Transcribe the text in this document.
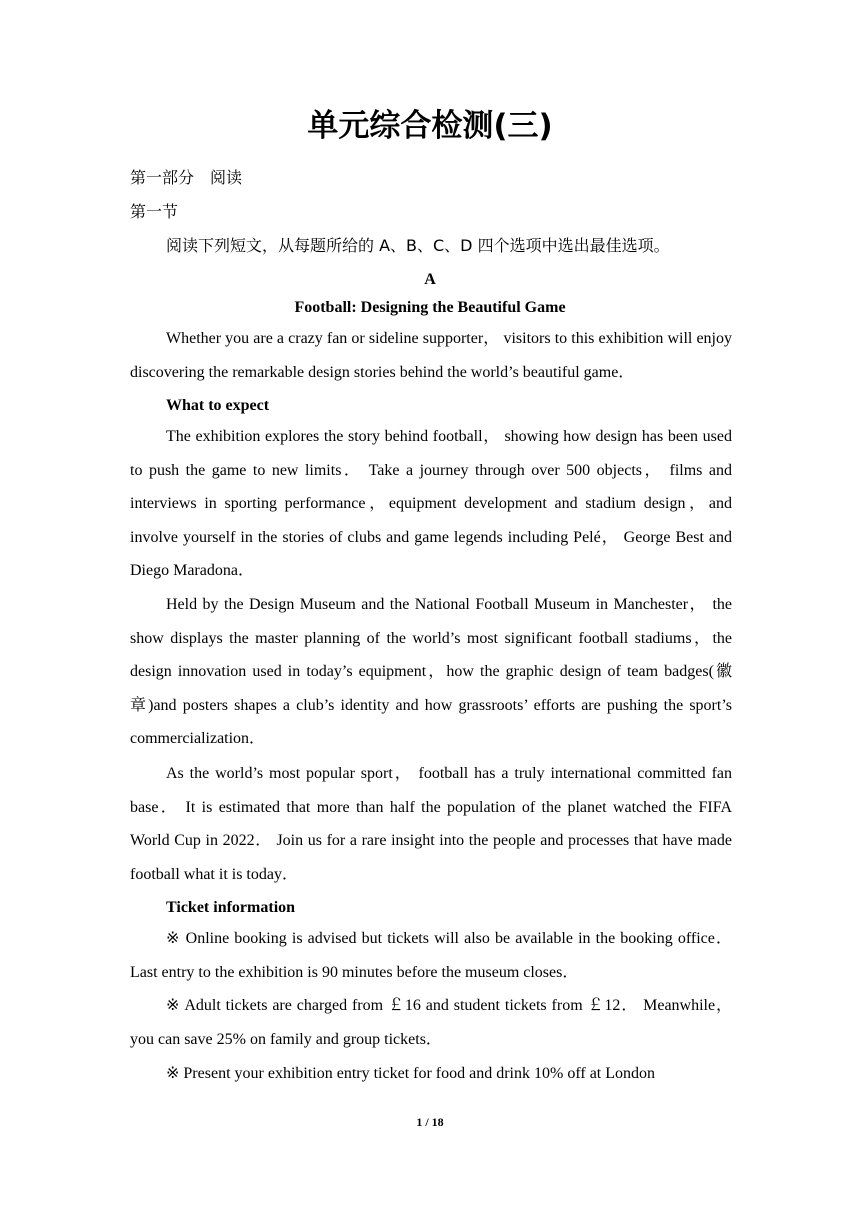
单元综合检测(三)
第一部分　阅读
第一节
阅读下列短文，从每题所给的 A、B、C、D 四个选项中选出最佳选项。
A
Football: Designing the Beautiful Game

Whether you are a crazy fan or sideline supporter， visitors to this exhibition will enjoy discovering the remarkable design stories behind the world’s beautiful game．

What to expect

The exhibition explores the story behind football， showing how design has been used to push the game to new limits． Take a journey through over 500 objects， films and interviews in sporting performance，equipment development and stadium design，and involve yourself in the stories of clubs and game legends including Pelé， George Best and Diego Maradona．

Held by the Design Museum and the National Football Museum in Manchester， the show displays the master planning of the world’s most significant football stadiums，the design innovation used in today’s equipment，how the graphic design of team badges(徽章)and posters shapes a club’s identity and how grassroots’ efforts are pushing the sport’s commercialization．

As the world’s most popular sport， football has a truly international committed fan base． It is estimated that more than half the population of the planet watched the FIFA World Cup in 2022． Join us for a rare insight into the people and processes that have made football what it is today．

Ticket information

※ Online booking is advised but tickets will also be available in the booking office． Last entry to the exhibition is 90 minutes before the museum closes．

※ Adult tickets are charged from ￡16 and student tickets from ￡12． Meanwhile， you can save 25% on family and group tickets．

※ Present your exhibition entry ticket for food and drink 10% off at London

1 / 18
